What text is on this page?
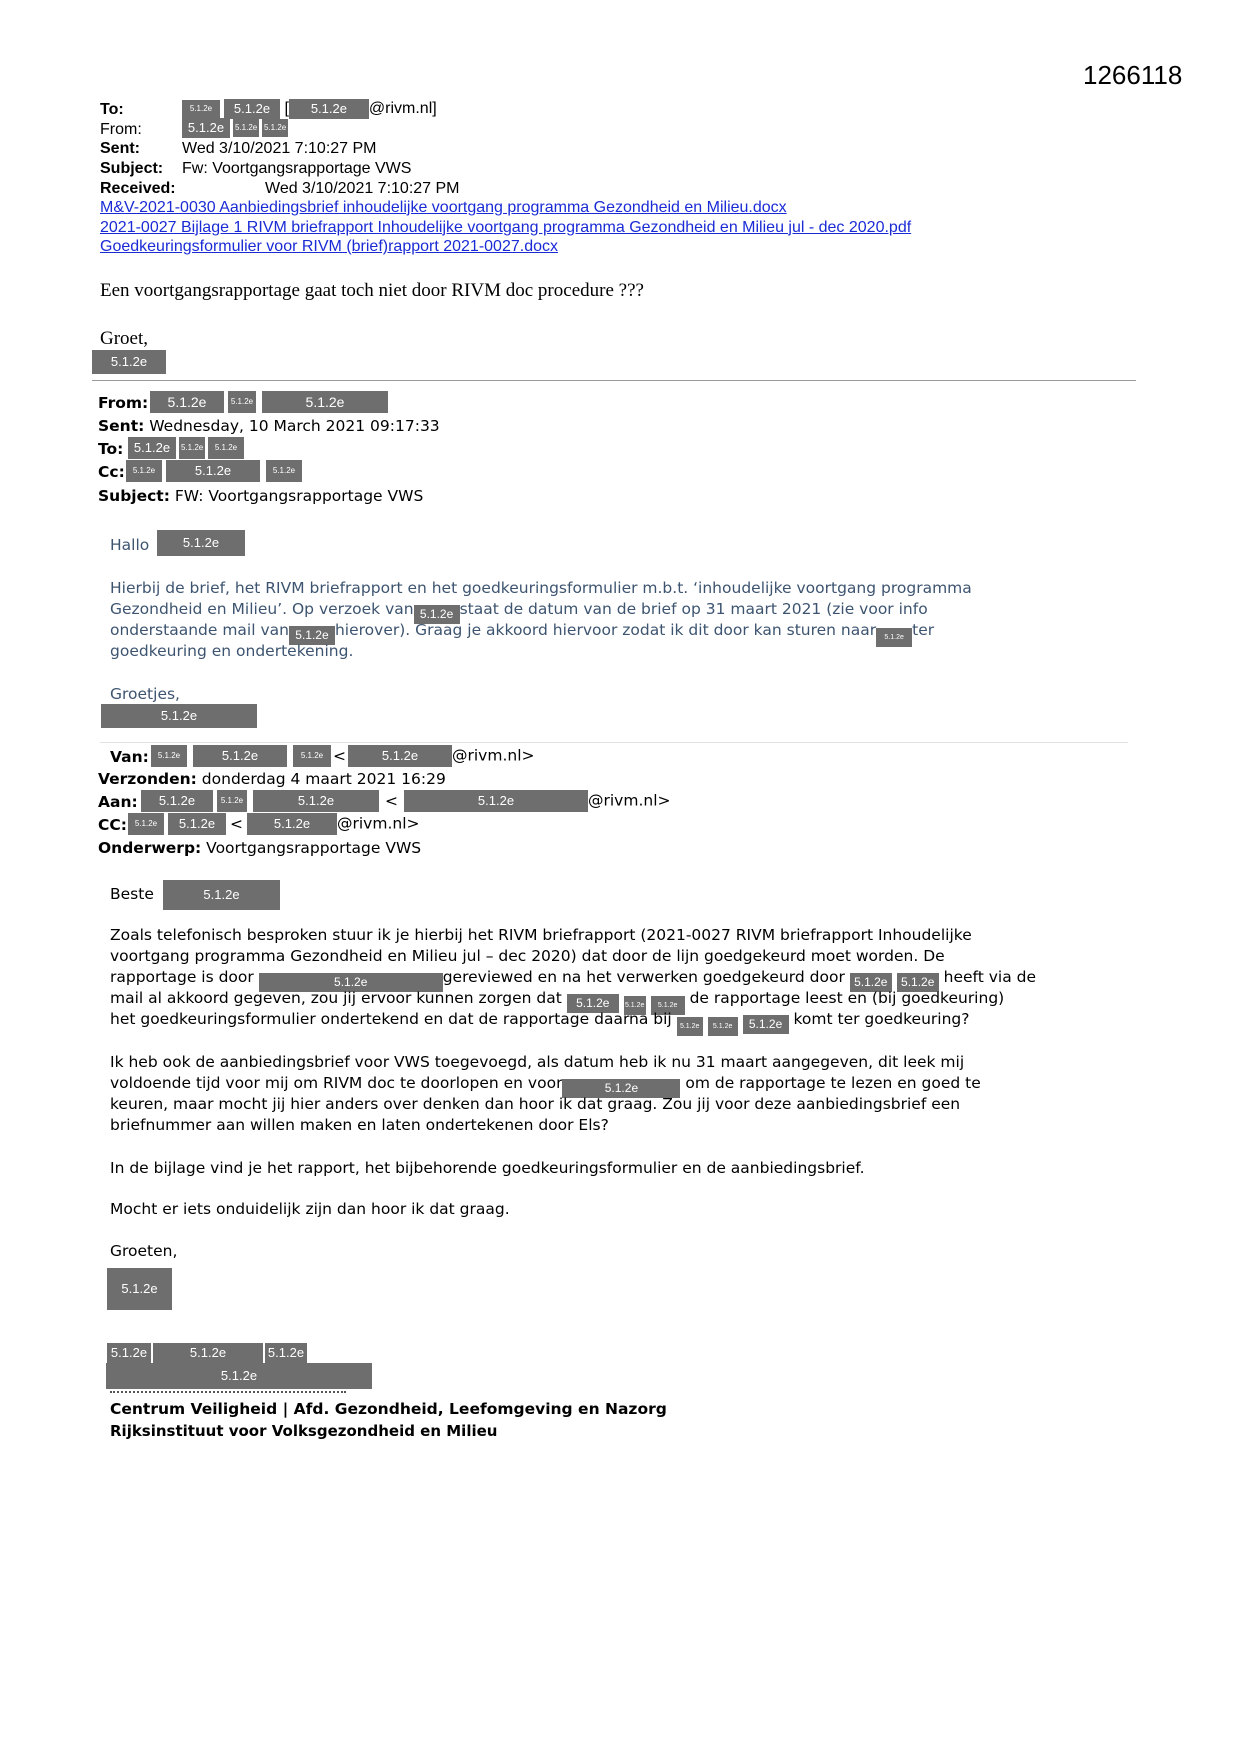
1266118
To:	5.1.2e 5.1.2e [ 5.1.2e @rivm.nl]
From:	5.1.2e 5.1.2e 5.1.2e
Sent:	Wed 3/10/2021 7:10:27 PM
Subject: Fw: Voortgangsrapportage VWS
Received:	Wed 3/10/2021 7:10:27 PM
M&V-2021-0030 Aanbiedingsbrief inhoudelijke voortgang programma Gezondheid en Milieu.docx
2021-0027 Bijlage 1 RIVM briefrapport Inhoudelijke voortgang programma Gezondheid en Milieu jul - dec 2020.pdf
Goedkeuringsformulier voor RIVM (brief)rapport 2021-0027.docx
Een voortgangsrapportage gaat toch niet door RIVM doc procedure ???
Groet,
5.1.2e
From:	5.1.2e	5.1.2e	5.1.2e
Sent: Wednesday, 10 March 2021 09:17:33
To: 5.1.2e 5.1.2e 5.1.2e
Cc:	5.1.2e	5.1.2e	5.1.2e
Subject: FW: Voortgangsrapportage VWS
Hallo	5.1.2e
Hierbij de brief, het RIVM briefrapport en het goedkeuringsformulier m.b.t. ‘inhoudelijke voortgang programma
Gezondheid en Milieu’. Op verzoek van 5.1.2e staat de datum van de brief op 31 maart 2021 (zie voor info
onderstaande mail van 5.1.2e hierover). Graag je akkoord hiervoor zodat ik dit door kan sturen naar 5.1.2e ter
goedkeuring en ondertekening.
Groetjes,
5.1.2e
Van:	5.1.2e	5.1.2e	5.1.2e <	5.1.2e @rivm.nl>
Verzonden: donderdag 4 maart 2021 16:29
Aan:	5.1.2e	5.1.2e	5.1.2e	<	5.1.2e	@rivm.nl>
CC: 5.1.2e 5.1.2e < 5.1.2e @rivm.nl>
Onderwerp: Voortgangsrapportage VWS
Beste	5.1.2e
Zoals telefonisch besproken stuur ik je hierbij het RIVM briefrapport (2021-0027 RIVM briefrapport Inhoudelijke
voortgang programma Gezondheid en Milieu jul – dec 2020) dat door de lijn goedgekeurd moet worden. De
rapportage is door	5.1.2e	gereviewed en na het verwerken goedgekeurd door 5.1.2e 5.1.2e heeft via de
mail al akkoord gegeven, zou jij ervoor kunnen zorgen dat 5.1.2e 5.1.2e 5.1.2e de rapportage leest en (bij goedkeuring)
het goedkeuringsformulier ondertekend en dat de rapportage daarna bij 5.1.2e 5.1.2e 5.1.2e komt ter goedkeuring?
Ik heb ook de aanbiedingsbrief voor VWS toegevoegd, als datum heb ik nu 31 maart aangegeven, dit leek mij
voldoende tijd voor mij om RIVM doc te doorlopen en voor	5.1.2e	om de rapportage te lezen en goed te
keuren, maar mocht jij hier anders over denken dan hoor ik dat graag. Zou jij voor deze aanbiedingsbrief een
briefnummer aan willen maken en laten ondertekenen door Els?
In de bijlage vind je het rapport, het bijbehorende goedkeuringsformulier en de aanbiedingsbrief.
Mocht er iets onduidelijk zijn dan hoor ik dat graag.
Groeten,
5.1.2e
5.1.2e	5.1.2e	5.1.2e
5.1.2e
Centrum Veiligheid | Afd. Gezondheid, Leefomgeving en Nazorg
Rijksinstituut voor Volksgezondheid en Milieu
